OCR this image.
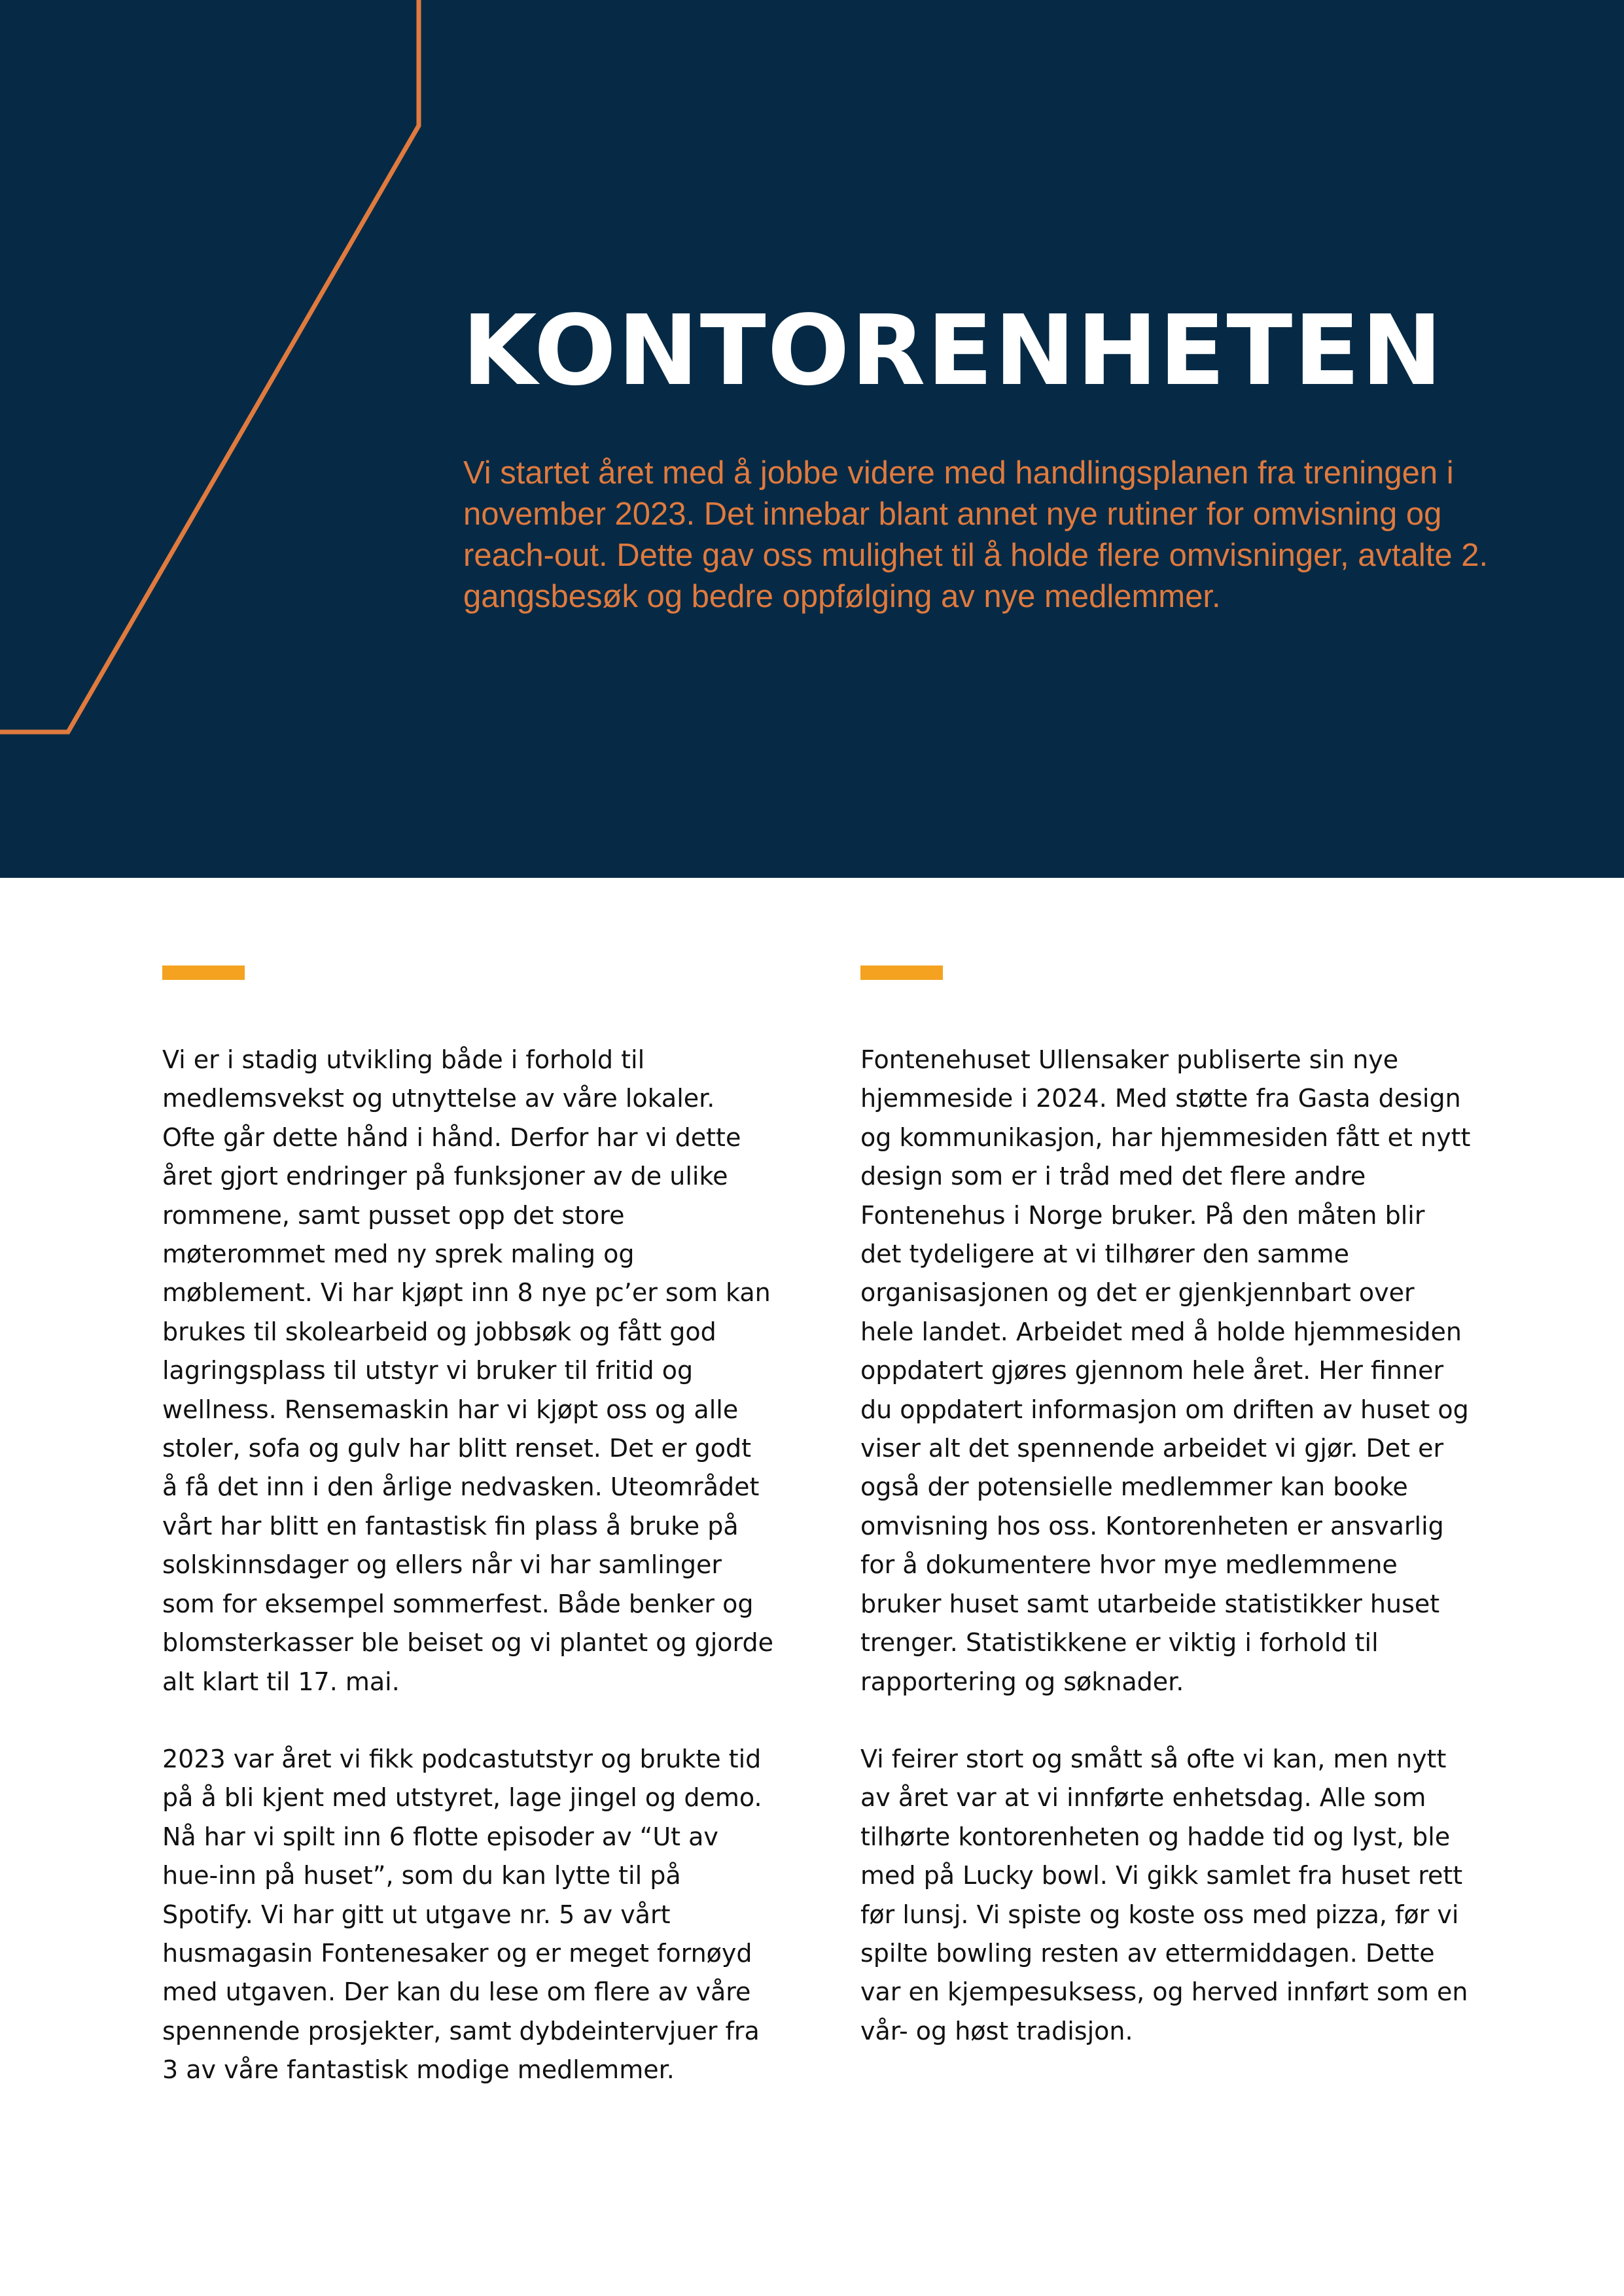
KONTORENHETEN

Vi startet året med å jobbe videre med handlingsplanen fra treningen i november 2023. Det innebar blant annet nye rutiner for omvisning og reach-out. Dette gav oss mulighet til å holde flere omvisninger, avtalte 2. gangsbesøk og bedre oppfølging av nye medlemmer.

Vi er i stadig utvikling både i forhold til medlemsvekst og utnyttelse av våre lokaler. Ofte går dette hånd i hånd. Derfor har vi dette året gjort endringer på funksjoner av de ulike rommene, samt pusset opp det store møterommet med ny sprek maling og møblement. Vi har kjøpt inn 8 nye pc’er som kan brukes til skolearbeid og jobbsøk og fått god lagringsplass til utstyr vi bruker til fritid og wellness. Rensemaskin har vi kjøpt oss og alle stoler, sofa og gulv har blitt renset. Det er godt å få det inn i den årlige nedvasken. Uteområdet vårt har blitt en fantastisk fin plass å bruke på solskinnsdager og ellers når vi har samlinger som for eksempel sommerfest. Både benker og blomsterkasser ble beiset og vi plantet og gjorde alt klart til 17. mai.

2023 var året vi fikk podcastutstyr og brukte tid på å bli kjent med utstyret, lage jingel og demo. Nå har vi spilt inn 6 flotte episoder av “Ut av hue-inn på huset”, som du kan lytte til på Spotify. Vi har gitt ut utgave nr. 5 av vårt husmagasin Fontenesaker og er meget fornøyd med utgaven. Der kan du lese om flere av våre spennende prosjekter, samt dybdeintervjuer fra 3 av våre fantastisk modige medlemmer.

Fontenehuset Ullensaker publiserte sin nye hjemmeside i 2024. Med støtte fra Gasta design og kommunikasjon, har hjemmesiden fått et nytt design som er i tråd med det flere andre Fontenehus i Norge bruker. På den måten blir det tydeligere at vi tilhører den samme organisasjonen og det er gjenkjennbart over hele landet. Arbeidet med å holde hjemmesiden oppdatert gjøres gjennom hele året. Her finner du oppdatert informasjon om driften av huset og viser alt det spennende arbeidet vi gjør. Det er også der potensielle medlemmer kan booke omvisning hos oss. Kontorenheten er ansvarlig for å dokumentere hvor mye medlemmene bruker huset samt utarbeide statistikker huset trenger. Statistikkene er viktig i forhold til rapportering og søknader.

Vi feirer stort og smått så ofte vi kan, men nytt av året var at vi innførte enhetsdag. Alle som tilhørte kontorenheten og hadde tid og lyst, ble med på Lucky bowl. Vi gikk samlet fra huset rett før lunsj. Vi spiste og koste oss med pizza, før vi spilte bowling resten av ettermiddagen. Dette var en kjempesuksess, og herved innført som en vår- og høst tradisjon.
